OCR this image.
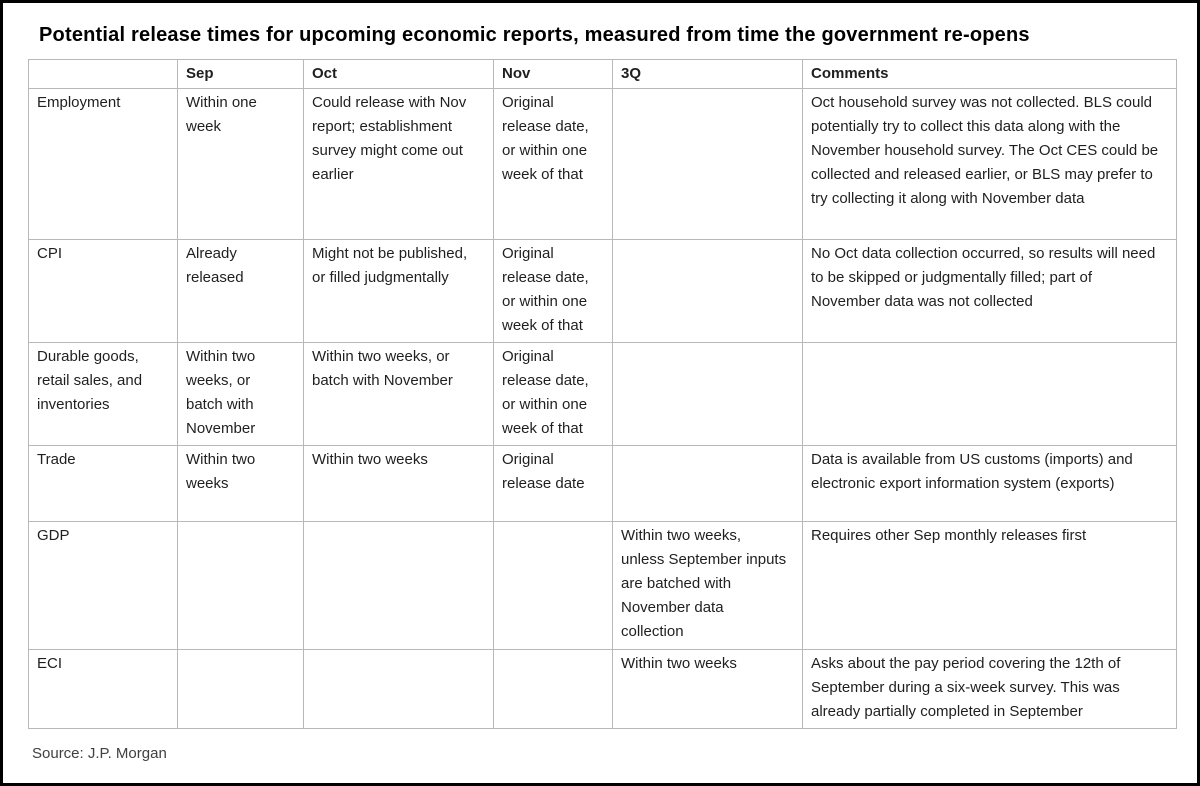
Potential release times for upcoming economic reports, measured from time the government re-opens
	Sep	Oct	Nov	3Q	Comments
Employment	Within one week	Could release with Nov report; establishment survey might come out earlier	Original release date, or within one week of that		Oct household survey was not collected. BLS could potentially try to collect this data along with the November household survey. The Oct CES could be collected and released earlier, or BLS may prefer to try collecting it along with November data
CPI	Already released	Might not be published, or filled judgmentally	Original release date, or within one week of that		No Oct data collection occurred, so results will need to be skipped or judgmentally filled; part of November data was not collected
Durable goods, retail sales, and inventories	Within two weeks, or batch with November	Within two weeks, or batch with November	Original release date, or within one week of that		
Trade	Within two weeks	Within two weeks	Original release date		Data is available from US customs (imports) and electronic export information system (exports)
GDP				Within two weeks, unless September inputs are batched with November data collection	Requires other Sep monthly releases first
ECI				Within two weeks	Asks about the pay period covering the 12th of September during a six-week survey. This was already partially completed in September
Source: J.P. Morgan
